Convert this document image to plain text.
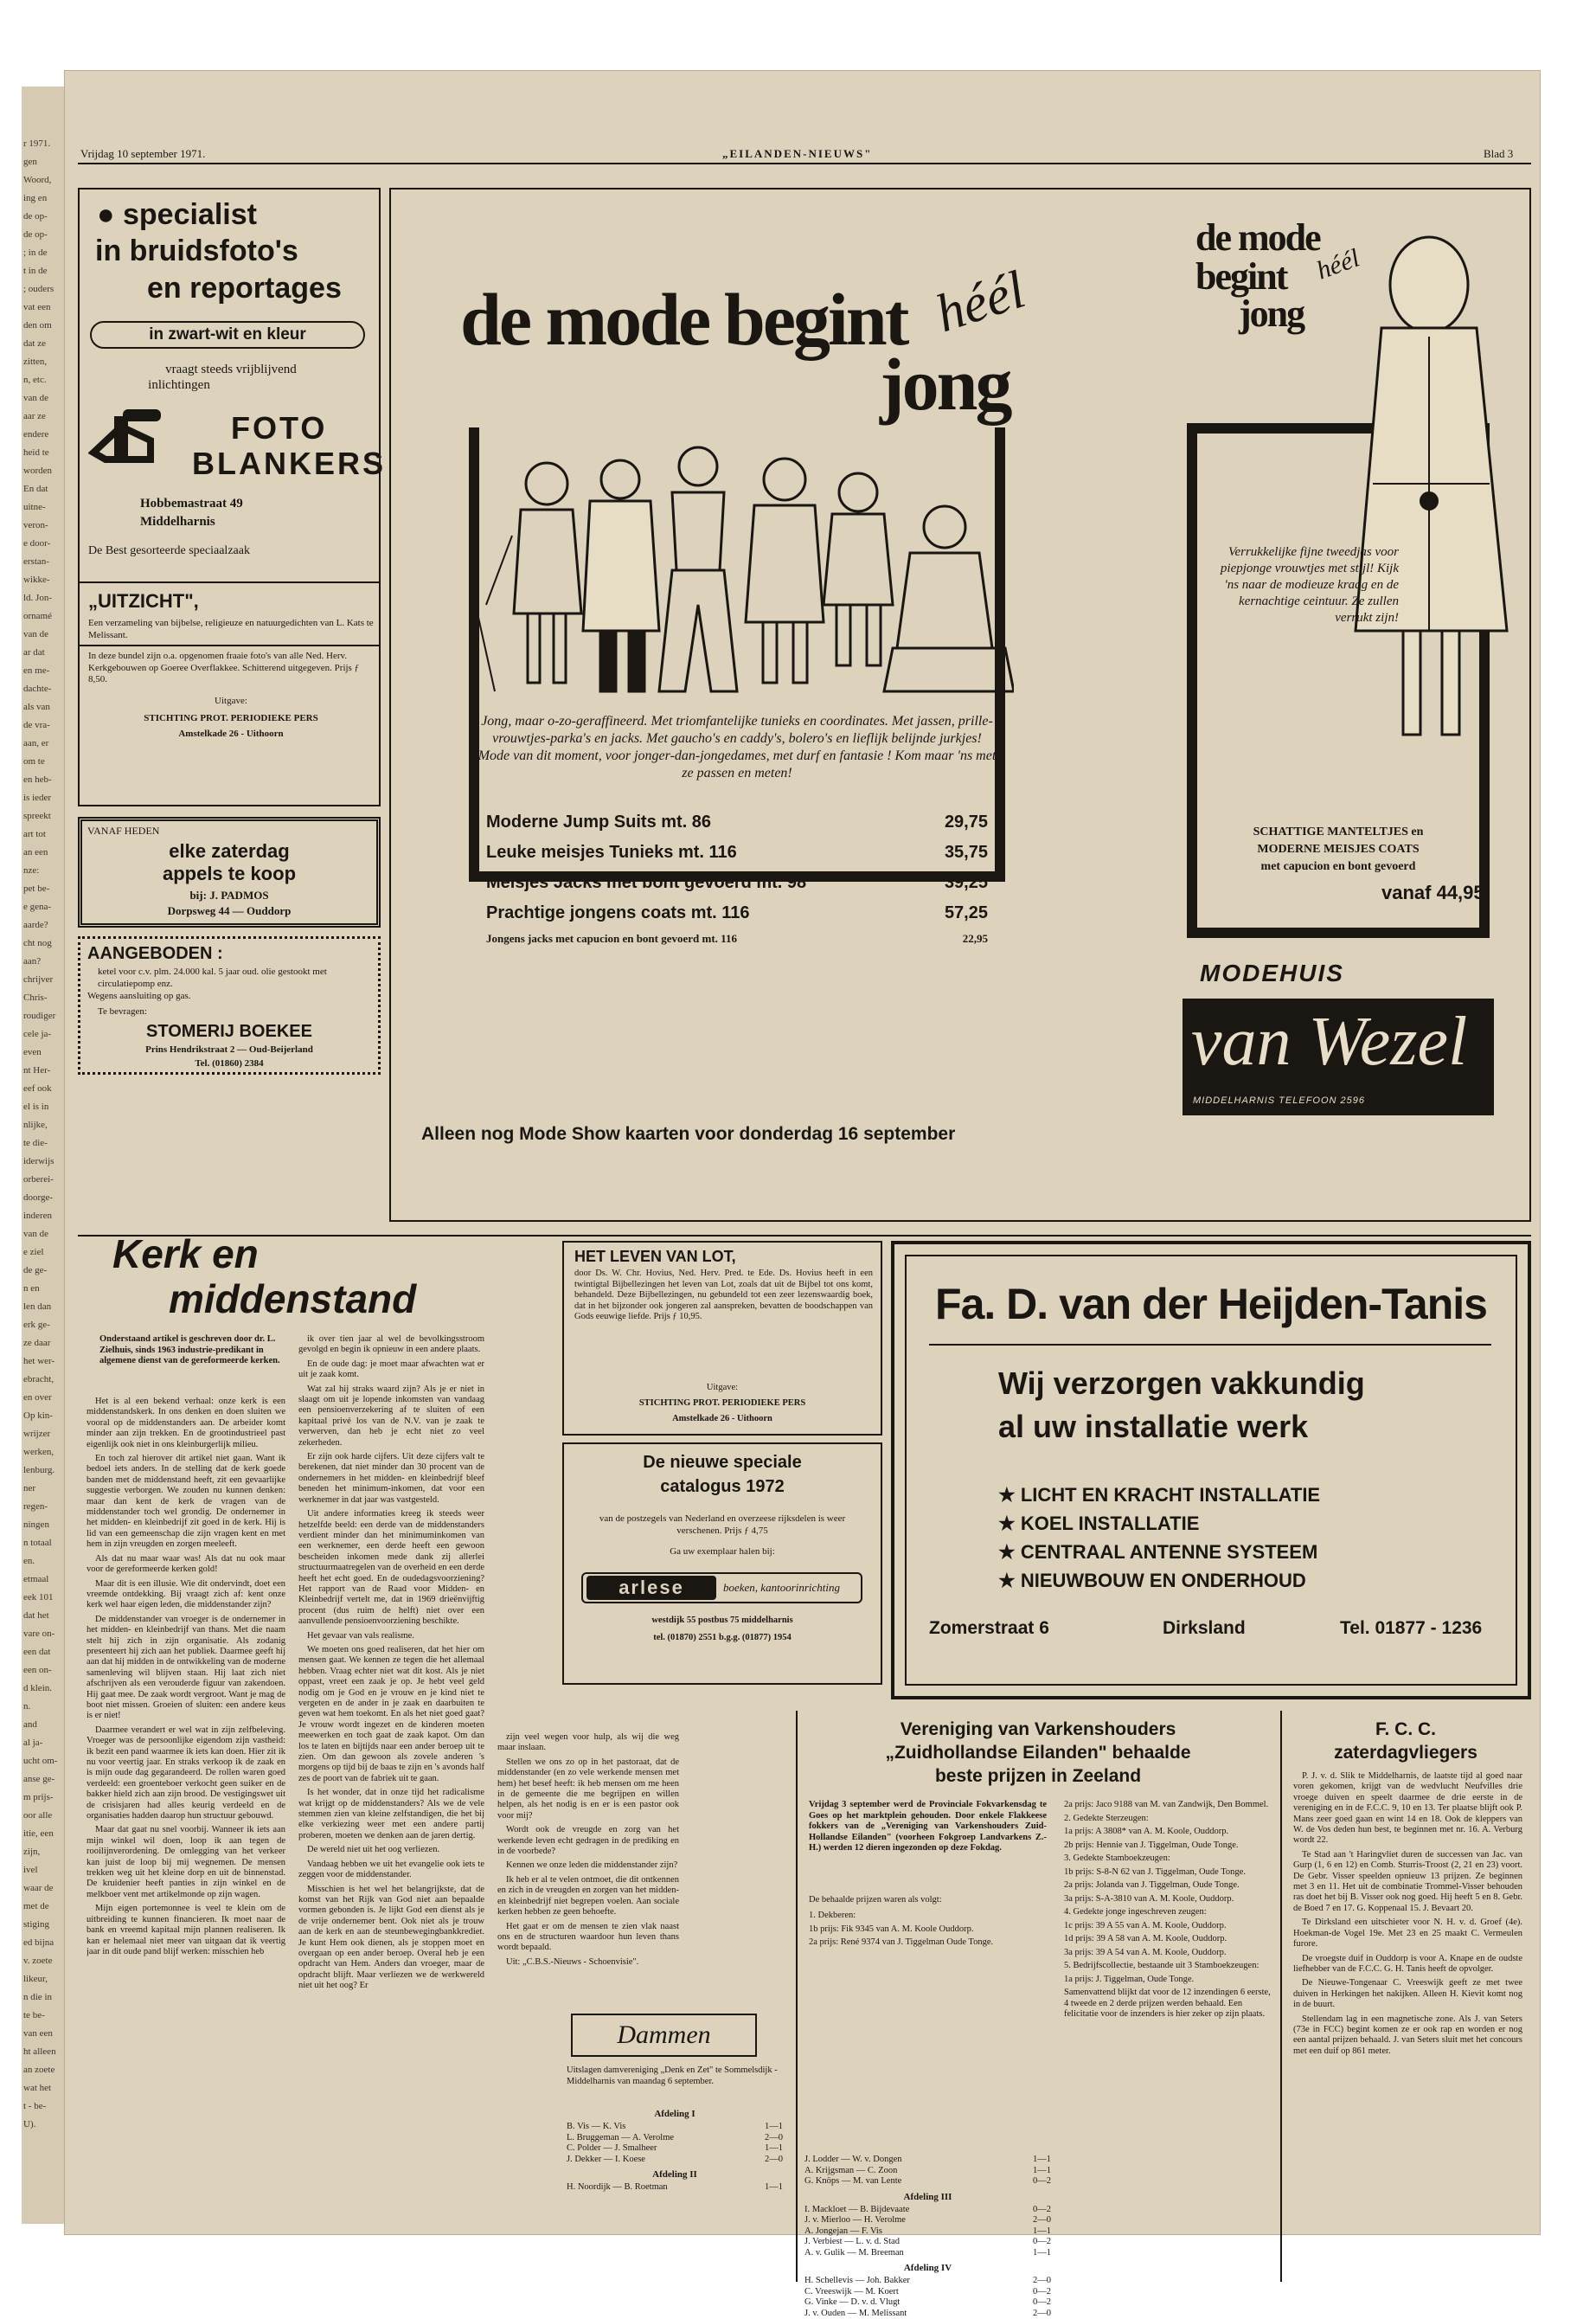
r 1971.
gen
Woord,
ing en
de op-
de op-
; in de
t in de
; ouders
vat een
den om
dat ze
zitten,
n, etc.
van de
aar ze
endere
heid te
worden
En dat
uitne-
veron-
e door-
erstan-
wikke-
ld. Jon-
ornamé
van de
ar dat
en me-
dachte-
als van
de vra-
aan, er
om te
en heb-
is ieder
spreekt
art tot
an een
nze:
pet be-
e gena-
aarde?
cht nog
aan?
chrijver
Chris-
roudiger
cele ja-
even
nt Her-
eef ook
el is in
nlijke,
te die-
iderwijs
orberei-
doorge-
inderen
van de
e ziel
de ge-
n en
len dan
erk ge-
ze daar
het wer-
ebracht,
en over
Op kin-
wrijzer
werken,
lenburg.
ner
regen-
ningen
n totaal
en.
etmaal
eek 101
dat het
vare on-
een dat
een on-
d klein.
n.
and
al ja-
ucht om-
anse ge-
m prijs-
oor alle
itie, een
zijn,
ivel
waar de
met de
stiging
ed bijna
v. zoete
likeur,
n die in
te be-
van een
ht alleen
an zoete
wat het
t - be-
U).
Vrijdag 10 september 1971.	„EILANDEN-NIEUWS"	Blad 3
● specialist
in bruidsfoto's
en reportages
in zwart-wit en kleur
vraagt steeds vrijblijvend
inlichtingen
FOTO
BLANKERS
Hobbemastraat 49
Middelharnis
De Best gesorteerde speciaalzaak
„UITZICHT",
Een verzameling van bijbelse, religieuze en natuurgedichten van L. Kats te Melissant.
In deze bundel zijn o.a. opgenomen fraaie foto's van alle Ned. Herv. Kerkgebouwen op Goeree Overflakkee. Schitterend uitgegeven. Prijs ƒ 8,50.
Uitgave:
STICHTING PROT. PERIODIEKE PERS
Amstelkade 26 - Uithoorn
VANAF HEDEN
elke zaterdag
appels te koop
bij: J. PADMOS
Dorpsweg 44 — Ouddorp
AANGEBODEN :
ketel voor c.v. plm. 24.000 kal. 5 jaar oud. olie gestookt met circulatiepomp enz.
Wegens aansluiting op gas.
Te bevragen:
STOMERIJ BOEKEE
Prins Hendrikstraat 2 — Oud-Beijerland
Tel. (01860) 2384
de mode begint héél
jong
Jong, maar o-zo-geraffineerd. Met triomfantelijke tunieks en coordinates. Met jassen, prille-vrouwtjes-parka's en jacks. Met gaucho's en caddy's, bolero's en lieflijk belijnde jurkjes! Mode van dit moment, voor jonger-dan-jongedames, met durf en fantasie ! Kom maar 'ns met ze passen en meten!
Moderne Jump Suits mt. 86	29,75
Leuke meisjes Tunieks mt. 116	35,75
Meisjes Jacks met bont gevoerd mt. 98	39,25
Prachtige jongens coats mt. 116	57,25
Jongens jacks met capucion en bont gevoerd mt. 116	22,95
de mode
begint héél
jong
Verrukkelijke fijne tweedjas voor piepjonge vrouwtjes met stijl! Kijk 'ns naar de modieuze kraag en de kernachtige ceintuur. Ze zullen verrukt zijn!
SCHATTIGE MANTELTJES en
MODERNE MEISJES COATS
met capucion en bont gevoerd
vanaf 44,95
MODEHUIS
van Wezel
MIDDELHARNIS TELEFOON 2596
Alleen nog Mode Show kaarten voor donderdag 16 september
Kerk en
middenstand
Onderstaand artikel is geschreven door dr. L. Zielhuis, sinds 1963 industrie-predikant in algemene dienst van de gereformeerde kerken.

Het is al een bekend verhaal: onze kerk is een middenstandskerk. In ons denken en doen sluiten we vooral op de middenstanders aan. De arbeider komt minder aan zijn trekken. En de grootindustrieel past eigenlijk ook niet in ons kleinburgerlijk milieu.

En toch zal hierover dit artikel niet gaan. Want ik bedoel iets anders. In de stelling dat de kerk goede banden met de middenstand heeft, zit een gevaarlijke suggestie verborgen. We zouden nu kunnen denken: maar dan kent de kerk de vragen van de middenstander toch wel grondig. De ondernemer in het midden- en kleinbedrijf zit goed in de kerk. Hij is lid van een gemeenschap die zijn vragen kent en met hem in zijn vreugden en zorgen meeleeft.

Als dat nu maar waar was! Als dat nu ook maar voor de gereformeerde kerken gold!

Maar dit is een illusie. Wie dit ondervindt, doet een vreemde ontdekking. Bij vraagt zich af: kent onze kerk wel haar eigen leden, die middenstander zijn?

De middenstander van vroeger is de ondernemer in het midden- en kleinbedrijf van thans. Met die naam stelt hij zich in zijn organisatie. Als zodanig presenteert hij zich aan het publiek. Daarmee geeft hij aan dat hij midden in de ontwikkeling van de moderne samenleving wil blijven staan. Hij laat zich niet afschrijven als een verouderde figuur van zakendoen. Hij gaat mee. De zaak wordt vergroot. Want je mag de boot niet missen. Groeien of sluiten: een andere keus is er niet!

Daarmee verandert er wel wat in zijn zelfbeleving. Vroeger was de persoonlijke eigendom zijn vastheid: ik bezit een pand waarmee ik iets kan doen. Hier zit ik nu voor veertig jaar. En straks verkoop ik de zaak en is mijn oude dag gegarandeerd. De rollen waren goed verdeeld: een groenteboer verkocht geen suiker en de bakker hield zich aan zijn brood. De vestigingswet uit de crisisjaren had alles keurig verdeeld en de organisaties hadden daarop hun structuur gebouwd.

Maar dat gaat nu snel voorbij. Wanneer ik iets aan mijn winkel wil doen, loop ik aan tegen de rooilijnverordening. De omlegging van het verkeer kan juist de loop bij mij wegnemen. De mensen trekken weg uit het kleine dorp en uit de binnenstad. De kruidenier heeft panties in zijn winkel en de melkboer vent met artikelmonde op zijn wagen.

Mijn eigen portemonnee is veel te klein om de uitbreiding te kunnen financieren. Ik moet naar de bank en vreemd kapitaal mijn plannen realiseren. Ik kan er helemaal niet meer van uitgaan dat ik veertig jaar in dit oude pand blijf werken: misschien heb

ik over tien jaar al wel de bevolkingsstroom gevolgd en begin ik opnieuw in een andere plaats.

En de oude dag: je moet maar afwachten wat er uit je zaak komt.

Wat zal hij straks waard zijn? Als je er niet in slaagt om uit je lopende inkomsten van vandaag een pensioenverzekering af te sluiten of een kapitaal privé los van de N.V. van je zaak te verwerven, dan heb je echt niet zo veel zekerheden.

Er zijn ook harde cijfers. Uit deze cijfers valt te berekenen, dat niet minder dan 30 procent van de ondernemers in het midden- en kleinbedrijf bleef beneden het minimum-inkomen, dat voor een werknemer in dat jaar was vastgesteld.

Uit andere informaties kreeg ik steeds weer hetzelfde beeld: een derde van de middenstanders verdient minder dan het minimuminkomen van een werknemer, een derde heeft een gewoon bescheiden inkomen mede dank zij allerlei structuurmaatregelen van de overheid en een derde heeft het echt goed. En de oudedagsvoorziening? Het rapport van de Raad voor Midden- en Kleinbedrijf vertelt me, dat in 1969 drieënvijftig procent (dus ruim de helft) niet over een aanvullende pensioenvoorziening beschikte.

Het gevaar van vals realisme.

We moeten ons goed realiseren, dat het hier om mensen gaat. We kennen ze tegen die het allemaal hebben. Vraag echter niet wat dit kost. Als je niet oppast, vreet een zaak je op. Je hebt veel geld nodig om je God en je vrouw en je kind niet te vergeten en de ander in je zaak en daarbuiten te geven wat hem toekomt. En als het niet goed gaat? Je vrouw wordt ingezet en de kinderen moeten meewerken en toch gaat de zaak kapot. Om dan los te laten en bijtijds naar een ander beroep uit te zien. Om dan gewoon als zovele anderen 's morgens op tijd bij de baas te zijn en 's avonds half zes de poort van de fabriek uit te gaan.

Is het wonder, dat in onze tijd het radicalisme wat krijgt op de middenstanders? Als we de vele stemmen zien van kleine zelfstandigen, die het bij elke verkiezing weer met een andere partij proberen, moeten we denken aan de jaren dertig.

De wereld niet uit het oog verliezen.

Vandaag hebben we uit het evangelie ook iets te zeggen voor de middenstander.

Misschien is het wel het belangrijkste, dat de komst van het Rijk van God niet aan bepaalde vormen gebonden is. Je lijkt God een dienst als je de vrije ondernemer bent. Ook niet als je trouw aan de kerk en aan de steunbewegingbankkrediet. Je kunt Hem ook dienen, als je stoppen moet en overgaan op een ander beroep. Overal heb je een opdracht van Hem. Anders dan vroeger, maar de opdracht blijft. Maar verliezen we de werkwereld niet uit het oog? Er

zijn veel wegen voor hulp, als wij die weg maar inslaan.

Stellen we ons zo op in het pastoraat, dat de middenstander (en zo vele werkende mensen met hem) het besef heeft: ik heb mensen om me heen in de gemeente die me begrijpen en willen helpen, als het nodig is en er is een pastor ook voor mij?

Wordt ook de vreugde en zorg van het werkende leven echt gedragen in de prediking en in de voorbede?

Kennen we onze leden die middenstander zijn?

Ik heb er al te velen ontmoet, die dit ontkennen en zich in de vreugden en zorgen van het midden- en kleinbedrijf niet begrepen voelen. Aan sociale kerken hebben ze geen behoefte.

Het gaat er om de mensen te zien vlak naast ons en de structuren waardoor hun leven thans wordt bepaald.

Uit: „C.B.S.-Nieuws - Schoenvisie".

HET LEVEN VAN LOT,
door Ds. W. Chr. Hovius, Ned. Herv. Pred. te Ede. Ds. Hovius heeft in een twintigtal Bijbellezingen het leven van Lot, zoals dat uit de Bijbel tot ons komt, behandeld. Deze Bijbellezingen, nu gebundeld tot een zeer lezenswaardig boek, dat in het bijzonder ook jongeren zal aanspreken, bevatten de boodschappen van Gods eeuwige liefde. Prijs ƒ 10,95.
Uitgave:
STICHTING PROT. PERIODIEKE PERS
Amstelkade 26 - Uithoorn
De nieuwe speciale
catalogus 1972
van de postzegels van Nederland en overzeese rijksdelen is weer verschenen. Prijs ƒ 4,75
Ga uw exemplaar halen bij:
arlese	boeken, kantoorinrichting
westdijk 55 postbus 75 middelharnis
tel. (01870) 2551 b.g.g. (01877) 1954
Fa. D. van der Heijden-Tanis
Wij verzorgen vakkundig
al uw installatie werk
★ LICHT EN KRACHT INSTALLATIE
★ KOEL INSTALLATIE
★ CENTRAAL ANTENNE SYSTEEM
★ NIEUWBOUW EN ONDERHOUD
Zomerstraat 6	Dirksland	Tel. 01877 - 1236
Dammen
Uitslagen damvereniging „Denk en Zet" te Sommelsdijk - Middelharnis van maandag 6 september.
Afdeling I
B. Vis — K. Vis	1—1
L. Bruggeman — A. Verolme	2—0
C. Polder — J. Smalheer	1—1
J. Dekker — I. Koese	2—0
Afdeling II
H. Noordijk — B. Roetman	1—1
J. Lodder — W. v. Dongen	1—1
A. Krijgsman — C. Zoon	1—1
G. Knöps — M. van Lente	0—2
Afdeling III
I. Mackloet — B. Bijdevaate	0—2
J. v. Mierloo — H. Verolme	2—0
A. Jongejan — F. Vis	1—1
J. Verbiest — L. v. d. Stad	0—2
A. v. Gulik — M. Breeman	1—1
Afdeling IV
H. Schellevis — Joh. Bakker	2—0
C. Vreeswijk — M. Koert	0—2
G. Vinke — D. v. d. Vlugt	0—2
J. v. Ouden — M. Melissant	2—0
Vereniging van Varkenshouders
„Zuidhollandse Eilanden" behaalde
beste prijzen in Zeeland
Vrijdag 3 september werd de Provinciale Fokvarkensdag te Goes op het marktplein gehouden. Door enkele Flakkeese fokkers van de „Vereniging van Varkenshouders Zuid-Hollandse Eilanden" (voorheen Fokgroep Landvarkens Z.-H.) werden 12 dieren ingezonden op deze Fokdag.
De behaalde prijzen waren als volgt:
1. Dekberen:
1b prijs: Fik 9345 van A. M. Koole Ouddorp.
2a prijs: René 9374 van J. Tiggelman Oude Tonge.
2a prijs: Jaco 9188 van M. van Zandwijk, Den Bommel.
2. Gedekte Sterzeugen:
1a prijs: A 3808* van A. M. Koole, Ouddorp.
2b prijs: Hennie van J. Tiggelman, Oude Tonge.
3. Gedekte Stamboekzeugen:
1b prijs: S-8-N 62 van J. Tiggelman, Oude Tonge.
2a prijs: Jolanda van J. Tiggelman, Oude Tonge.
3a prijs: S-A-3810 van A. M. Koole, Ouddorp.
4. Gedekte jonge ingeschreven zeugen:
1c prijs: 39 A 55 van A. M. Koole, Ouddorp.
1d prijs: 39 A 58 van A. M. Koole, Ouddorp.
3a prijs: 39 A 54 van A. M. Koole, Ouddorp.
5. Bedrijfscollectie, bestaande uit 3 Stamboekzeugen:
1a prijs: J. Tiggelman, Oude Tonge.
Samenvattend blijkt dat voor de 12 inzendingen 6 eerste, 4 tweede en 2 derde prijzen werden behaald. Een felicitatie voor de inzenders is hier zeker op zijn plaats.
F. C. C.
zaterdagvliegers

P. J. v. d. Slik te Middelharnis, de laatste tijd al goed naar voren gekomen, krijgt van de wedvlucht Neufvilles drie vroege duiven en speelt daarmee de drie eerste in de vereniging en in de F.C.C. 9, 10 en 13. Ter plaatse blijft ook P. Mans zeer goed gaan en wint 14 en 18. Ook de kleppers van W. de Vos deden hun best, te beginnen met nr. 16. A. Verburg wordt 22.

Te Stad aan 't Haringvliet duren de successen van Jac. van Gurp (1, 6 en 12) en Comb. Sturris-Troost (2, 21 en 23) voort. De Gebr. Visser speelden opnieuw 13 prijzen. Ze beginnen met 3 en 11. Het uit de combinatie Trommel-Visser behouden ras doet het bij B. Visser ook nog goed. Hij heeft 5 en 8. Gebr. de Boed 7 en 17. G. Koppenaal 15. J. Bevaart 20.

Te Dirksland een uitschieter voor N. H. v. d. Groef (4e). Hoekman-de Vogel 19e. Met 23 en 25 maakt C. Vermeulen furore.

De vroegste duif in Ouddorp is voor A. Knape en de oudste liefhebber van de F.C.C. G. H. Tanis heeft de opvolger.

De Nieuwe-Tongenaar C. Vreeswijk geeft ze met twee duiven in Herkingen het nakijken. Alleen H. Kievit komt nog in de buurt.

Stellendam lag in een magnetische zone. Als J. van Seters (73e in FCC) begint komen ze er ook rap en worden er nog een aantal prijzen behaald. J. van Seters sluit met het concours met een duif op 861 meter.
